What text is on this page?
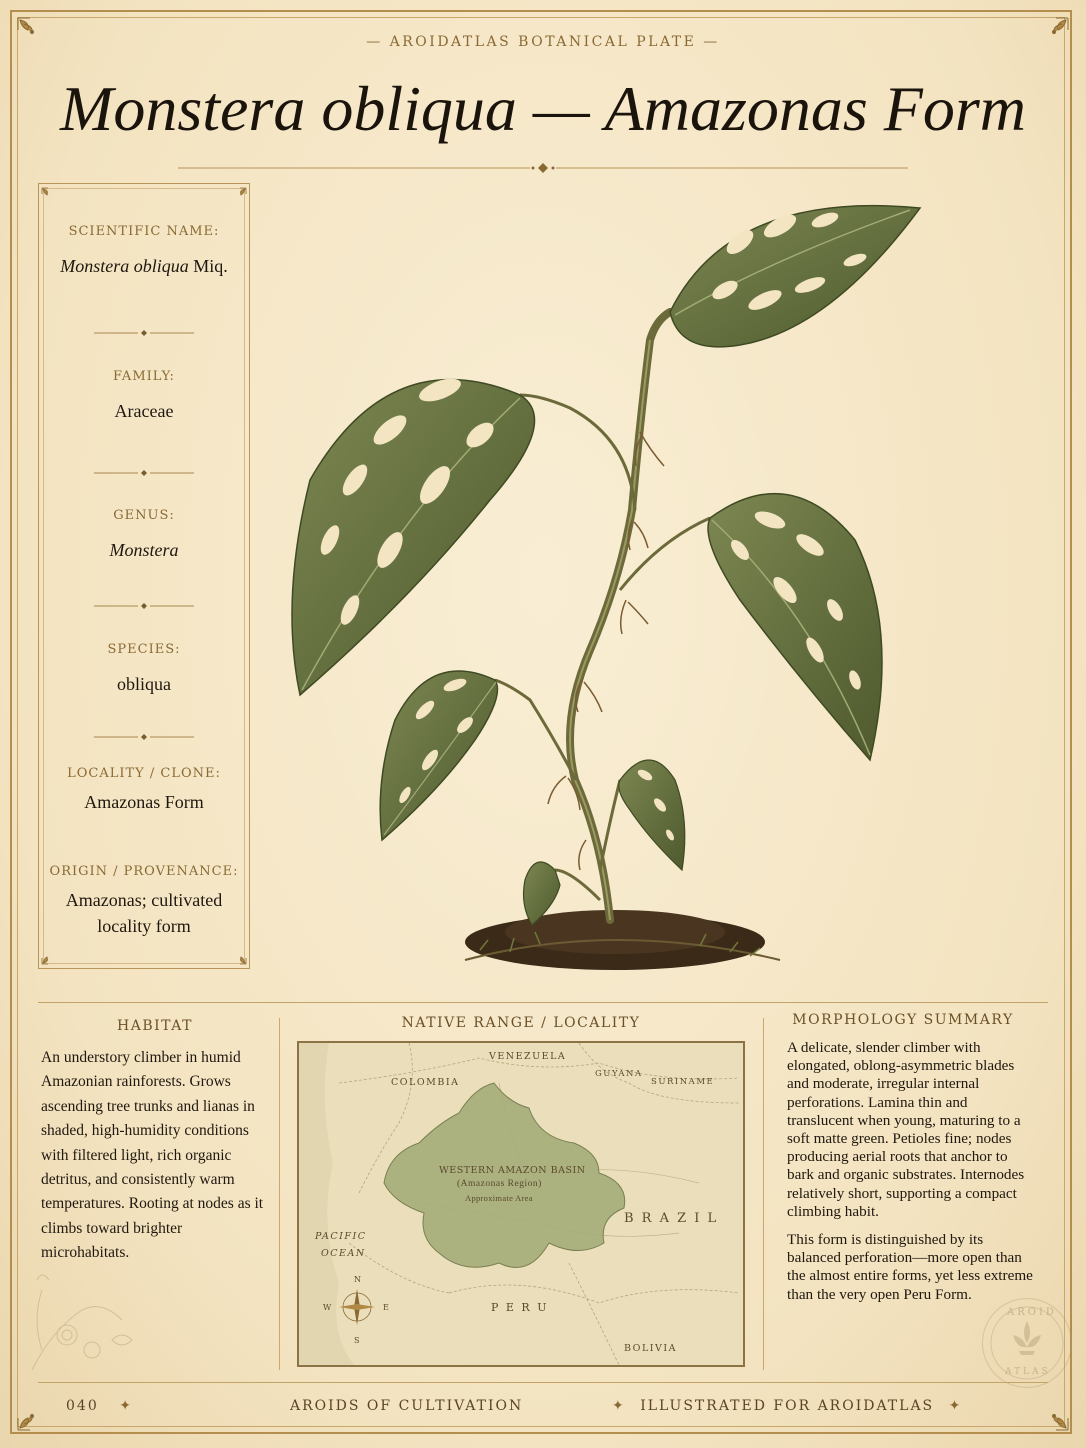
— AROIDATLAS BOTANICAL PLATE —
Monstera obliqua — Amazonas Form
SCIENTIFIC NAME:
Monstera obliqua Miq.
FAMILY:
Araceae
GENUS:
Monstera
SPECIES:
obliqua
LOCALITY / CLONE:
Amazonas Form
ORIGIN / PROVENANCE:
Amazonas; cultivated
locality form
HABITAT
An understory climber in humid Amazonian rainforests. Grows ascending tree trunks and lianas in shaded, high-humidity conditions with filtered light, rich organic detritus, and consistently warm temperatures. Rooting at nodes as it climbs toward brighter microhabitats.
NATIVE RANGE / LOCALITY
VENEZUELA
COLOMBIA
GUYANA
SURINAME
WESTERN AMAZON BASIN
(Amazonas Region)
Approximate Area
B R A Z I L
PACIFIC
OCEAN
P E R U
BOLIVIA
N
S
E
W
MORPHOLOGY SUMMARY

A delicate, slender climber with elongated, oblong-asymmetric blades and moderate, irregular internal perforations. Lamina thin and translucent when young, maturing to a soft matte green. Petioles fine; nodes producing aerial roots that anchor to bark and organic substrates. Internodes relatively short, supporting a compact climbing habit.

This form is distinguished by its balanced perforation—more open than the almost entire forms, yet less extreme than the very open Peru Form.

AROID
ATLAS
040 ✦	AROIDS OF CULTIVATION	✦ ILLUSTRATED FOR AROIDATLAS ✦
